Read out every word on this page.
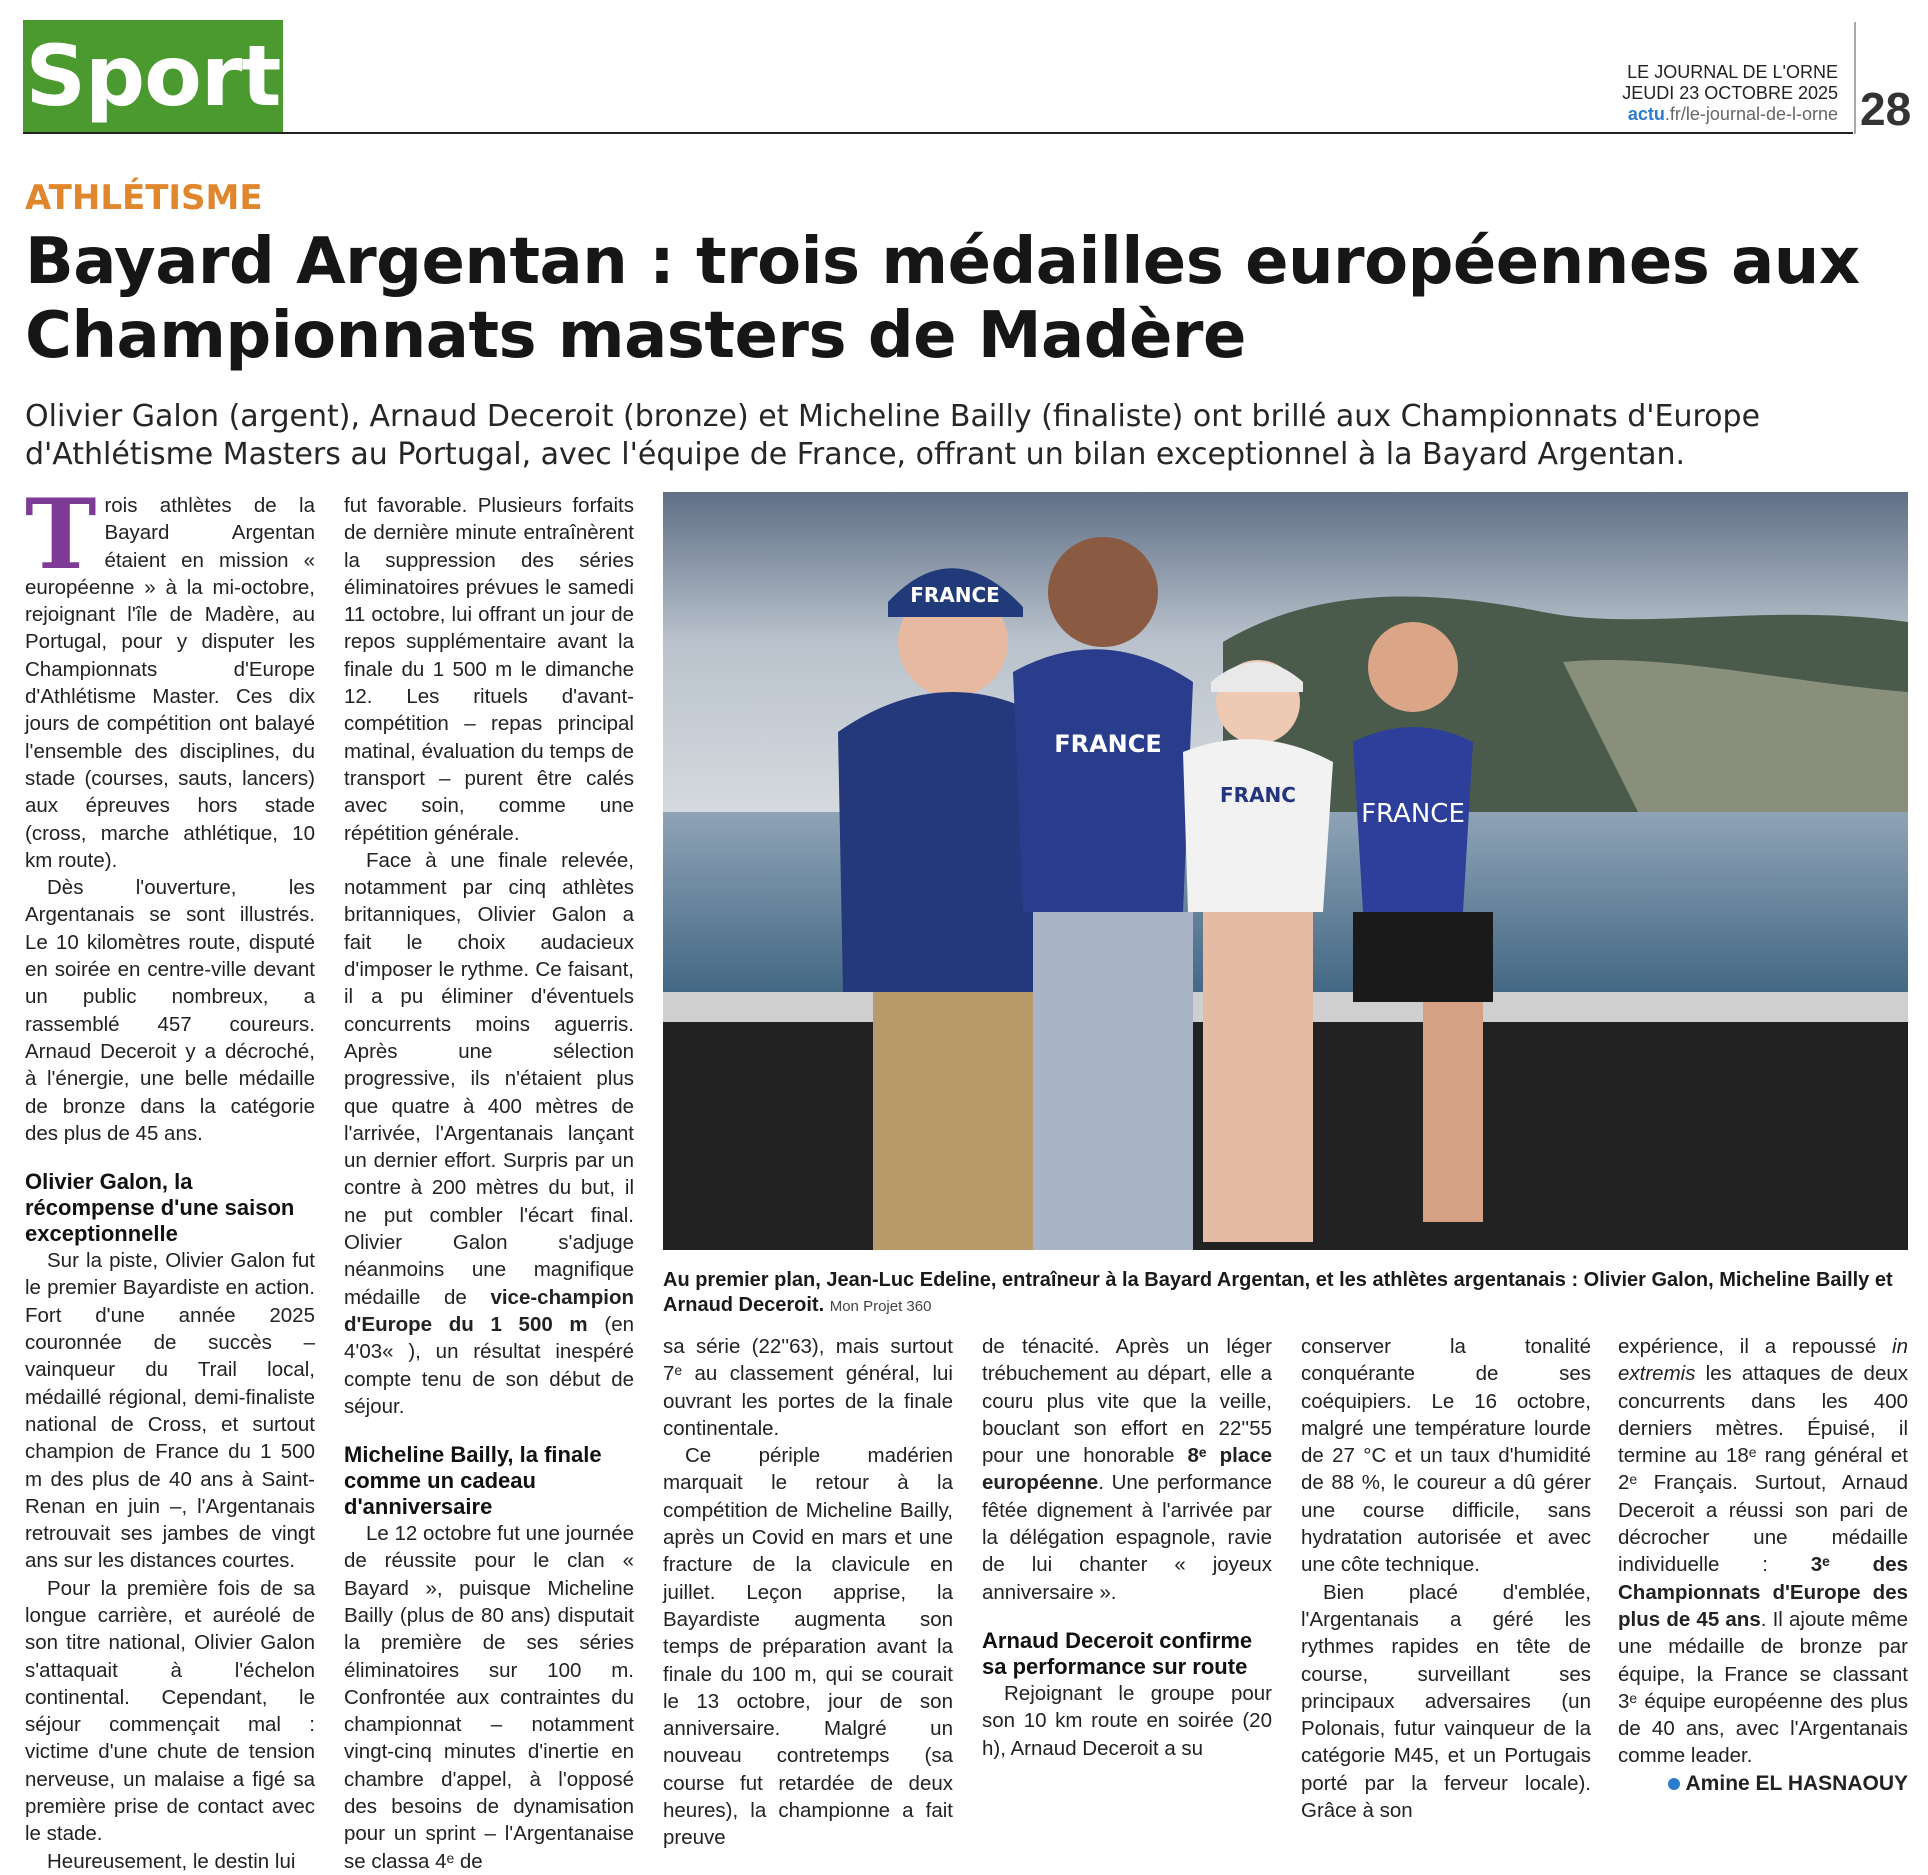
Sport	LE JOURNAL DE L'ORNE
JEUDI 23 OCTOBRE 2025
actu.fr/le-journal-de-l-orne 28
ATHLÉTISME
Bayard Argentan : trois médailles européennes aux Championnats masters de Madère
Olivier Galon (argent), Arnaud Deceroit (bronze) et Micheline Bailly (finaliste) ont brillé aux Championnats d'Europe d'Athlétisme Masters au Portugal, avec l'équipe de France, offrant un bilan exceptionnel à la Bayard Argentan.

Trois athlètes de la Bayard Argentan étaient en mission « européenne » à la mi-octobre, rejoignant l'île de Madère, au Portugal, pour y disputer les Championnats d'Europe d'Athlétisme Master. Ces dix jours de compétition ont balayé l'ensemble des disciplines, du stade (courses, sauts, lancers) aux épreuves hors stade (cross, marche athlétique, 10 km route).

Dès l'ouverture, les Argentanais se sont illustrés. Le 10 kilomètres route, disputé en soirée en centre-ville devant un public nombreux, a rassemblé 457 coureurs. Arnaud Deceroit y a décroché, à l'énergie, une belle médaille de bronze dans la catégorie des plus de 45 ans.

Olivier Galon, la récompense d'une saison exceptionnelle

Sur la piste, Olivier Galon fut le premier Bayardiste en action. Fort d'une année 2025 couronnée de succès – vainqueur du Trail local, médaillé régional, demi-finaliste national de Cross, et surtout champion de France du 1 500 m des plus de 40 ans à Saint-Renan en juin –, l'Argentanais retrouvait ses jambes de vingt ans sur les distances courtes.

Pour la première fois de sa longue carrière, et auréolé de son titre national, Olivier Galon s'attaquait à l'échelon continental. Cependant, le séjour commençait mal : victime d'une chute de tension nerveuse, un malaise a figé sa première prise de contact avec le stade.

Heureusement, le destin lui

fut favorable. Plusieurs forfaits de dernière minute entraînèrent la suppression des séries éliminatoires prévues le samedi 11 octobre, lui offrant un jour de repos supplémentaire avant la finale du 1 500 m le dimanche 12. Les rituels d'avant-compétition – repas principal matinal, évaluation du temps de transport – purent être calés avec soin, comme une répétition générale.

Face à une finale relevée, notamment par cinq athlètes britanniques, Olivier Galon a fait le choix audacieux d'imposer le rythme. Ce faisant, il a pu éliminer d'éventuels concurrents moins aguerris. Après une sélection progressive, ils n'étaient plus que quatre à 400 mètres de l'arrivée, l'Argentanais lançant un dernier effort. Surpris par un contre à 200 mètres du but, il ne put combler l'écart final. Olivier Galon s'adjuge néanmoins une magnifique médaille de vice-champion d'Europe du 1 500 m (en 4'03« ), un résultat inespéré compte tenu de son début de séjour.

Micheline Bailly, la finale comme un cadeau d'anniversaire

Le 12 octobre fut une journée de réussite pour le clan « Bayard », puisque Micheline Bailly (plus de 80 ans) disputait la première de ses séries éliminatoires sur 100 m. Confrontée aux contraintes du championnat – notamment vingt-cinq minutes d'inertie en chambre d'appel, à l'opposé des besoins de dynamisation pour un sprint – l'Argentanaise se classa 4ᵉ de

FRANCE
FRANCE
FRANC
FRANCE
Au premier plan, Jean-Luc Edeline, entraîneur à la Bayard Argentan, et les athlètes argentanais : Olivier Galon, Micheline Bailly et Arnaud Deceroit. Mon Projet 360

sa série (22''63), mais surtout 7ᵉ au classement général, lui ouvrant les portes de la finale continentale.

Ce périple madérien marquait le retour à la compétition de Micheline Bailly, après un Covid en mars et une fracture de la clavicule en juillet. Leçon apprise, la Bayardiste augmenta son temps de préparation avant la finale du 100 m, qui se courait le 13 octobre, jour de son anniversaire. Malgré un nouveau contretemps (sa course fut retardée de deux heures), la championne a fait preuve

de ténacité. Après un léger trébuchement au départ, elle a couru plus vite que la veille, bouclant son effort en 22''55 pour une honorable 8ᵉ place européenne. Une performance fêtée dignement à l'arrivée par la délégation espagnole, ravie de lui chanter « joyeux anniversaire ».

Arnaud Deceroit confirme sa performance sur route

Rejoignant le groupe pour son 10 km route en soirée (20 h), Arnaud Deceroit a su

conserver la tonalité conquérante de ses coéquipiers. Le 16 octobre, malgré une température lourde de 27 °C et un taux d'humidité de 88 %, le coureur a dû gérer une course difficile, sans hydratation autorisée et avec une côte technique.

Bien placé d'emblée, l'Argentanais a géré les rythmes rapides en tête de course, surveillant ses principaux adversaires (un Polonais, futur vainqueur de la catégorie M45, et un Portugais porté par la ferveur locale). Grâce à son

expérience, il a repoussé in extremis les attaques de deux concurrents dans les 400 derniers mètres. Épuisé, il termine au 18ᵉ rang général et 2ᵉ Français. Surtout, Arnaud Deceroit a réussi son pari de décrocher une médaille individuelle : 3ᵉ des Championnats d'Europe des plus de 45 ans. Il ajoute même une médaille de bronze par équipe, la France se classant 3ᵉ équipe européenne des plus de 40 ans, avec l'Argentanais comme leader.

Amine EL HASNAOUY
